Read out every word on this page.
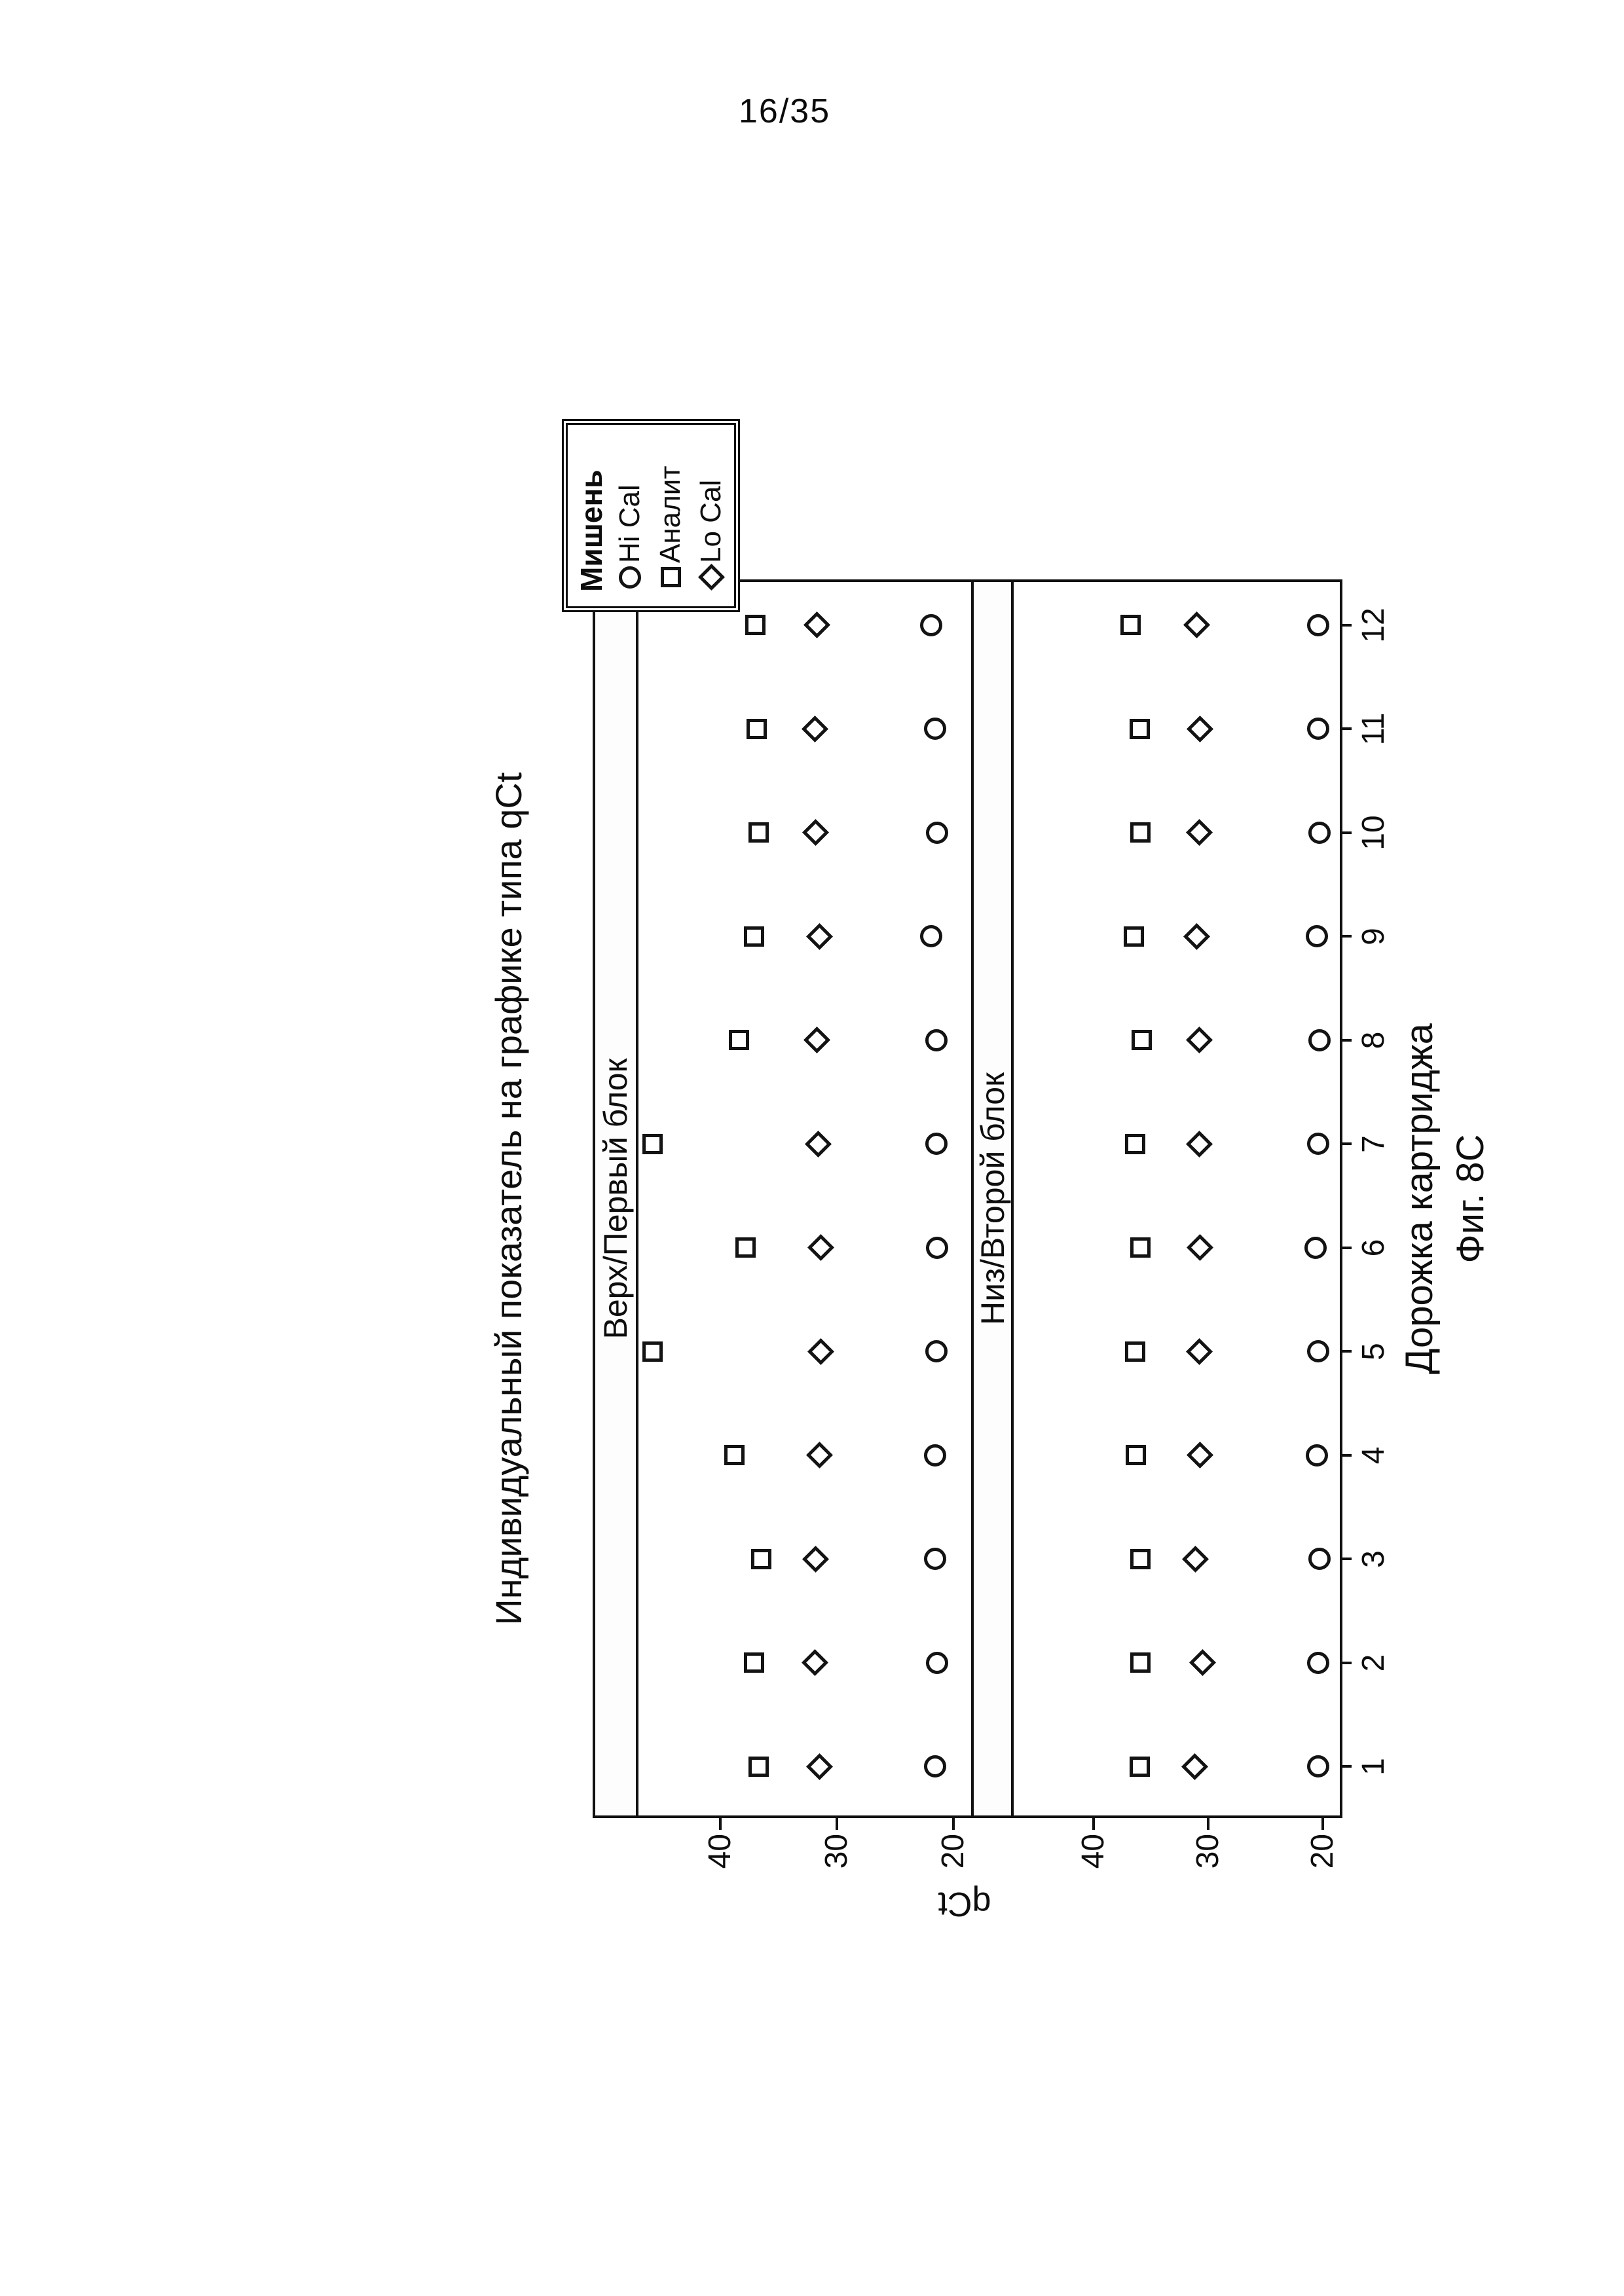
16/35
Индивидуальный показатель на графике типа qCt
qCt
Верх/Первый блок	Низ/Второй блок
20
30
40	20
30
40
1
2
3
4
5
6
7
8
9
10
11
12
Дорожка картриджа Фиг. 8C
Мишень Hi Cal Аналит Lo Cal
